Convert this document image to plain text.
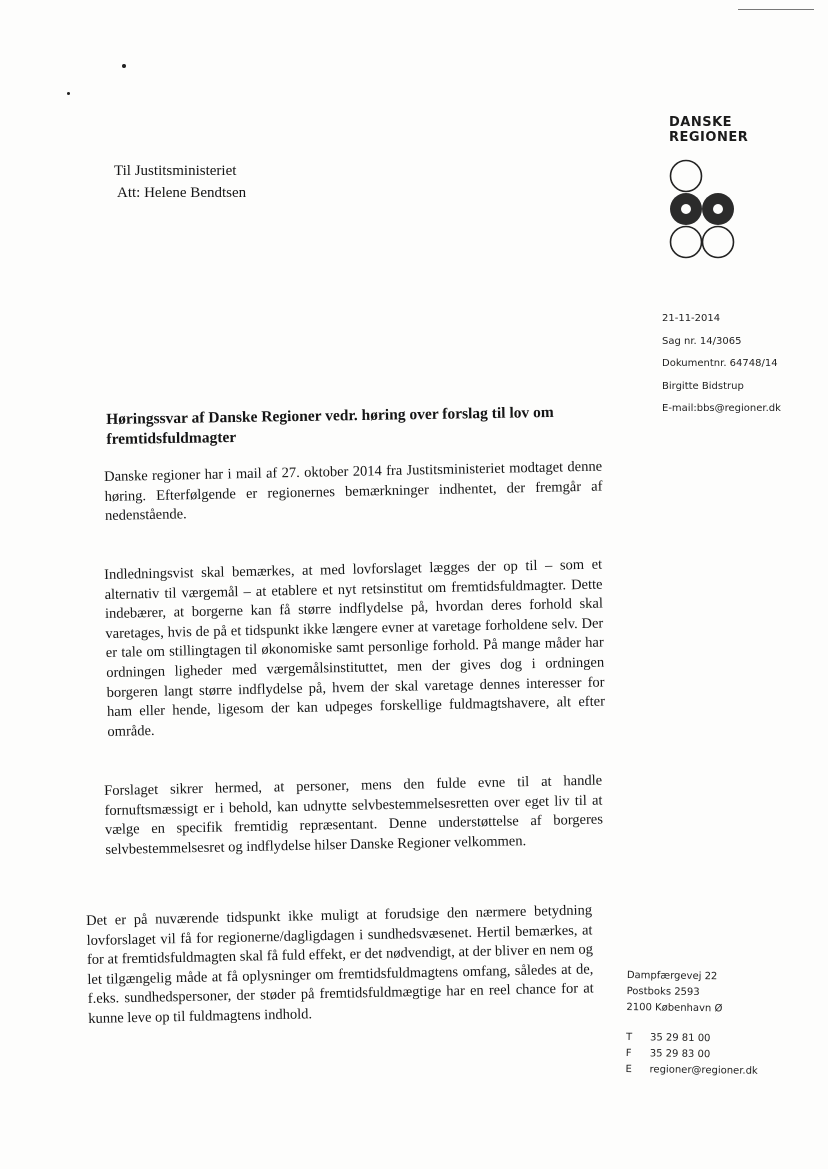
Til Justitsministeriet
Att: Helene Bendtsen
DANSKE
REGIONER
21-11-2014
Sag nr. 14/3065
Dokumentnr. 64748/14
Birgitte Bidstrup
E-mail:bbs@regioner.dk
Høringssvar af Danske Regioner vedr. høring over forslag til lov om fremtidsfuldmagter
Danske regioner har i mail af 27. oktober 2014 fra Justitsministeriet modtaget denne høring. Efterfølgende er regionernes bemærkninger indhentet, der fremgår af nedenstående.
Indledningsvist skal bemærkes, at med lovforslaget lægges der op til – som et alternativ til værgemål – at etablere et nyt retsinstitut om fremtidsfuldmagter. Dette indebærer, at borgerne kan få større indflydelse på, hvordan deres forhold skal varetages, hvis de på et tidspunkt ikke længere evner at varetage forholdene selv. Der er tale om stillingtagen til økonomiske samt personlige forhold. På mange måder har ordningen ligheder med værgemålsinstituttet, men der gives dog i ordningen borgeren langt større indflydelse på, hvem der skal varetage dennes interesser for ham eller hende, ligesom der kan udpeges forskellige fuldmagtshavere, alt efter område.
Forslaget sikrer hermed, at personer, mens den fulde evne til at handle fornuftsmæssigt er i behold, kan udnytte selvbestemmelsesretten over eget liv til at vælge en specifik fremtidig repræsentant. Denne understøttelse af borgeres selvbestemmelsesret og indflydelse hilser Danske Regioner velkommen.
Det er på nuværende tidspunkt ikke muligt at forudsige den nærmere betydning lovforslaget vil få for regionerne/dagligdagen i sundhedsvæsenet. Hertil bemærkes, at for at fremtidsfuldmagten skal få fuld effekt, er det nødvendigt, at der bliver en nem og let tilgængelig måde at få oplysninger om fremtidsfuldmagtens omfang, således at de, f.eks. sundhedspersoner, der støder på fremtidsfuldmægtige har en reel chance for at kunne leve op til fuldmagtens indhold.
Dampfærgevej 22
Postboks 2593
2100 København Ø
T 35 29 81 00
F 35 29 83 00
E regioner@regioner.dk
